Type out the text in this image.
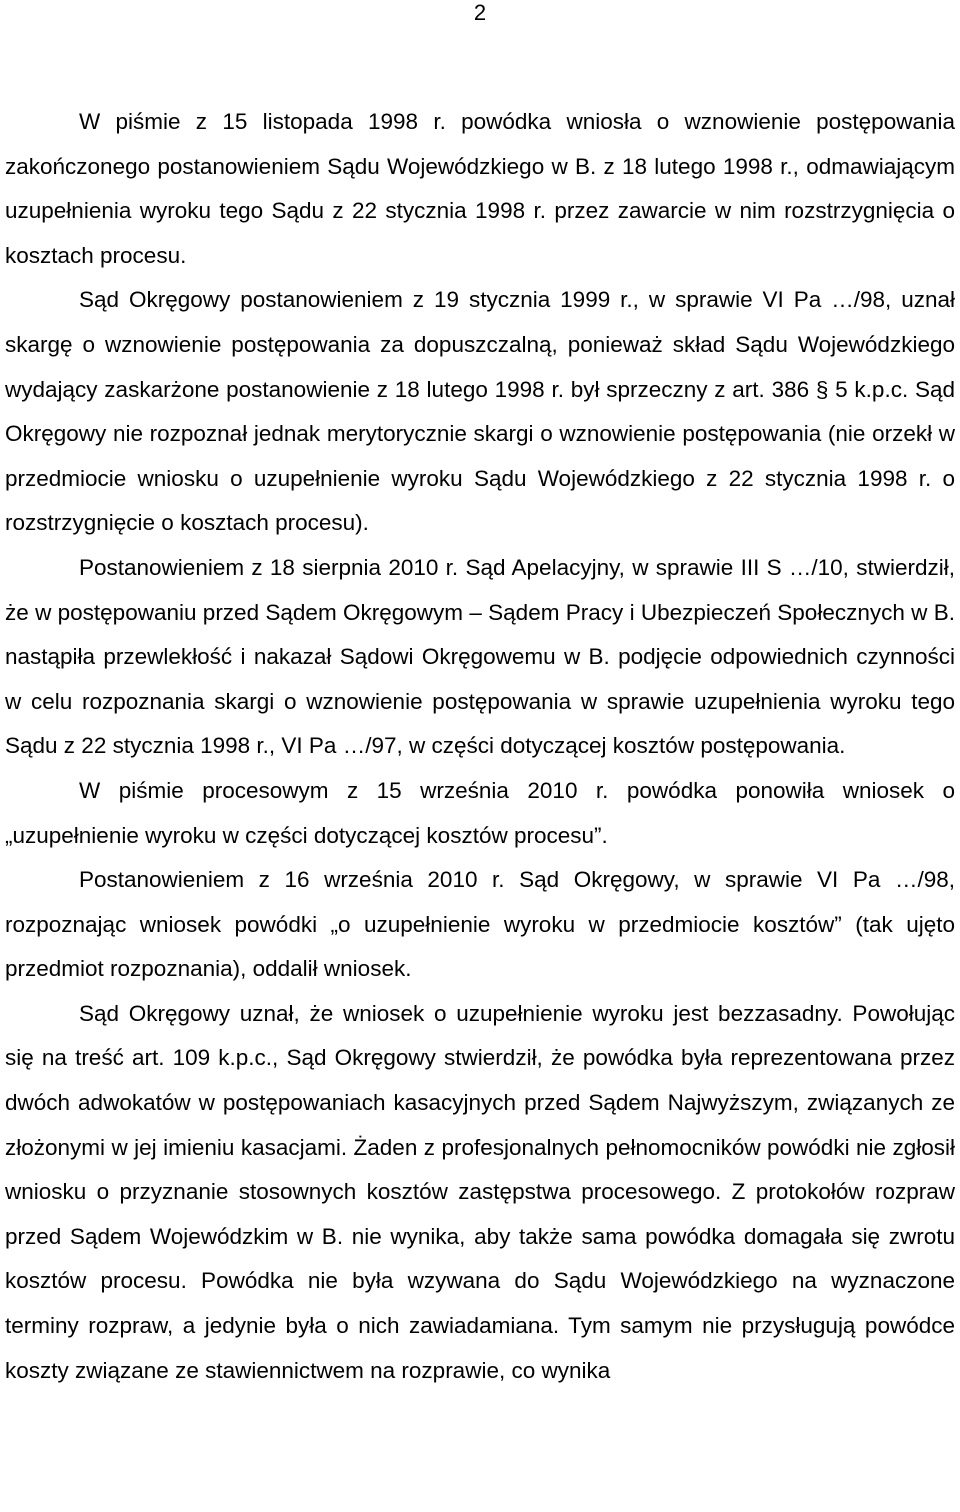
2

W piśmie z 15 listopada 1998 r. powódka wniosła o wznowienie postępowania zakończonego postanowieniem Sądu Wojewódzkiego w B. z 18 lutego 1998 r., odmawiającym uzupełnienia wyroku tego Sądu z 22 stycznia 1998 r. przez zawarcie w nim rozstrzygnięcia o kosztach procesu.

Sąd Okręgowy postanowieniem z 19 stycznia 1999 r., w sprawie VI Pa …/98, uznał skargę o wznowienie postępowania za dopuszczalną, ponieważ skład Sądu Wojewódzkiego wydający zaskarżone postanowienie z 18 lutego 1998 r. był sprzeczny z art. 386 § 5 k.p.c. Sąd Okręgowy nie rozpoznał jednak merytorycznie skargi o wznowienie postępowania (nie orzekł w przedmiocie wniosku o uzupełnienie wyroku Sądu Wojewódzkiego z 22 stycznia 1998 r. o rozstrzygnięcie o kosztach procesu).

Postanowieniem z 18 sierpnia 2010 r. Sąd Apelacyjny, w sprawie III S …/10, stwierdził, że w postępowaniu przed Sądem Okręgowym – Sądem Pracy i Ubezpieczeń Społecznych w B. nastąpiła przewlekłość i nakazał Sądowi Okręgowemu w B. podjęcie odpowiednich czynności w celu rozpoznania skargi o wznowienie postępowania w sprawie uzupełnienia wyroku tego Sądu z 22 stycznia 1998 r., VI Pa …/97, w części dotyczącej kosztów postępowania.

W piśmie procesowym z 15 września 2010 r. powódka ponowiła wniosek o „uzupełnienie wyroku w części dotyczącej kosztów procesu”.

Postanowieniem z 16 września 2010 r. Sąd Okręgowy, w sprawie VI Pa …/98, rozpoznając wniosek powódki „o uzupełnienie wyroku w przedmiocie kosztów” (tak ujęto przedmiot rozpoznania), oddalił wniosek.

Sąd Okręgowy uznał, że wniosek o uzupełnienie wyroku jest bezzasadny. Powołując się na treść art. 109 k.p.c., Sąd Okręgowy stwierdził, że powódka była reprezentowana przez dwóch adwokatów w postępowaniach kasacyjnych przed Sądem Najwyższym, związanych ze złożonymi w jej imieniu kasacjami. Żaden z profesjonalnych pełnomocników powódki nie zgłosił wniosku o przyznanie stosownych kosztów zastępstwa procesowego. Z protokołów rozpraw przed Sądem Wojewódzkim w B. nie wynika, aby także sama powódka domagała się zwrotu kosztów procesu. Powódka nie była wzywana do Sądu Wojewódzkiego na wyznaczone terminy rozpraw, a jedynie była o nich zawiadamiana. Tym samym nie przysługują powódce koszty związane ze stawiennictwem na rozprawie, co wynika
